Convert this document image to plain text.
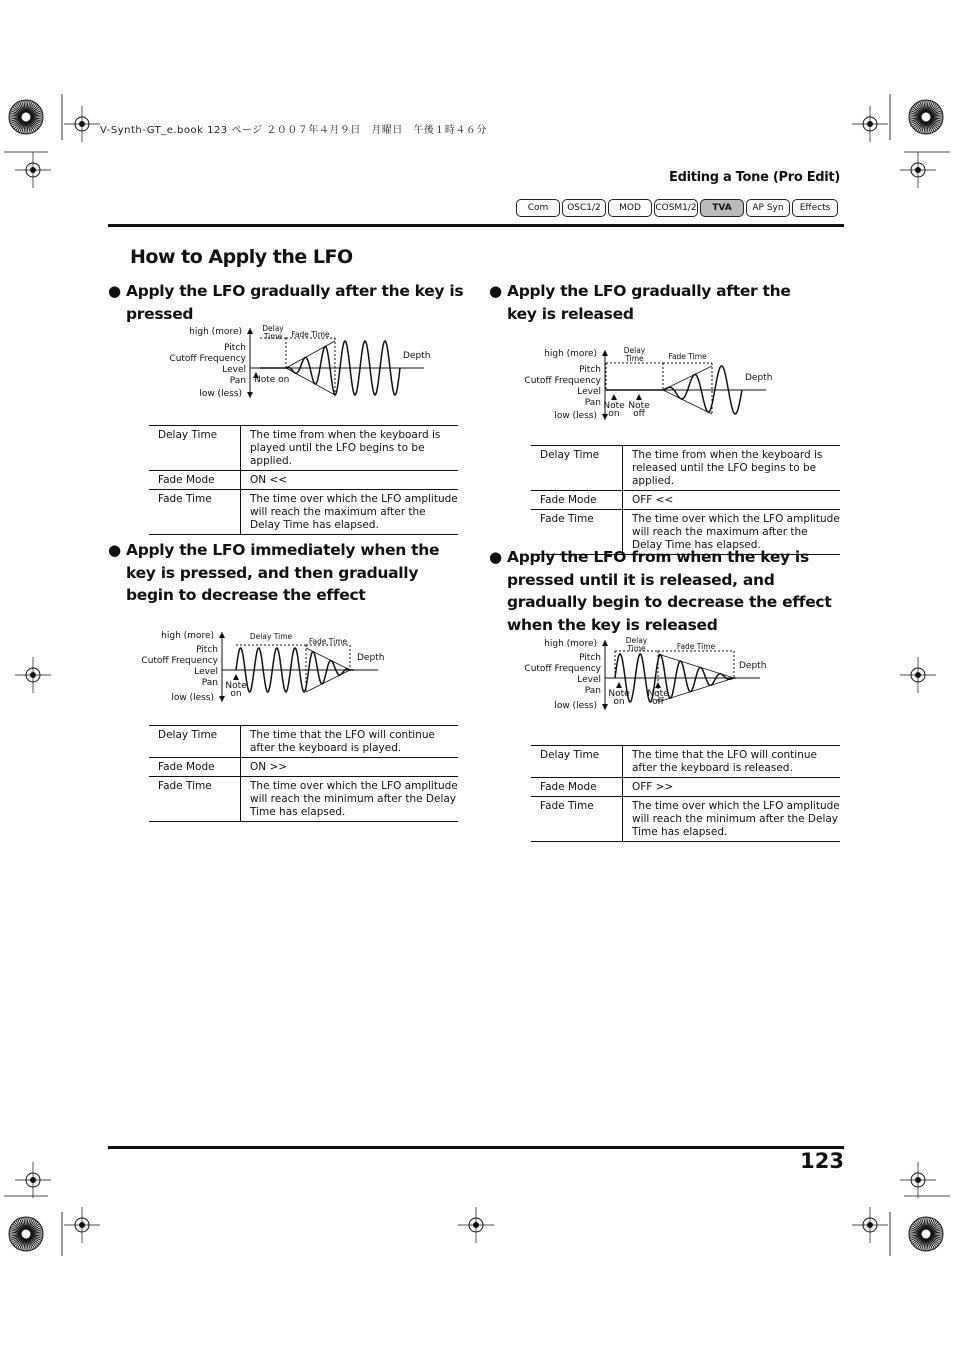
V-Synth-GT_e.book 123 ページ ２００７年４月９日　月曜日　午後１時４６分
Editing a Tone (Pro Edit)
Com	OSC1/2	MOD	COSM1/2	TVA	AP Syn	Effects
How to Apply the LFO
● Apply the LFO gradually after the key is pressed
high (more)
low (less)
Pitch
Cutoff Frequency
Level
Pan
Delay
Time Fade Time
Depth
Note on
Delay Time	The time from when the keyboard is played until the LFO begins to be applied.
Fade Mode	ON <<
Fade Time	The time over which the LFO amplitude will reach the maximum after the Delay Time has elapsed.
● Apply the LFO immediately when the key is pressed, and then gradually begin to decrease the effect
high (more)
low (less)
Pitch
Cutoff Frequency
Level
Pan
Delay Time
Fade Time
Depth
Note
on
Delay Time	The time that the LFO will continue after the keyboard is played.
Fade Mode	ON >>
Fade Time	The time over which the LFO amplitude will reach the minimum after the Delay Time has elapsed.
● Apply the LFO gradually after the key is released
high (more)
low (less)
Pitch
Cutoff Frequency
Level
Pan
Delay
Time	Fade Time
Depth
Note
on
Note
off
Delay Time	The time from when the keyboard is released until the LFO begins to be applied.
Fade Mode	OFF <<
Fade Time	The time over which the LFO amplitude will reach the maximum after the Delay Time has elapsed.
● Apply the LFO from when the key is pressed until it is released, and gradually begin to decrease the effect when the key is released
high (more)
low (less)
Pitch
Cutoff Frequency
Level
Pan
Delay
Time	Fade Time
Depth
Note
on
Note
off
Delay Time	The time that the LFO will continue after the keyboard is released.
Fade Mode	OFF >>
Fade Time	The time over which the LFO amplitude will reach the minimum after the Delay Time has elapsed.
123
